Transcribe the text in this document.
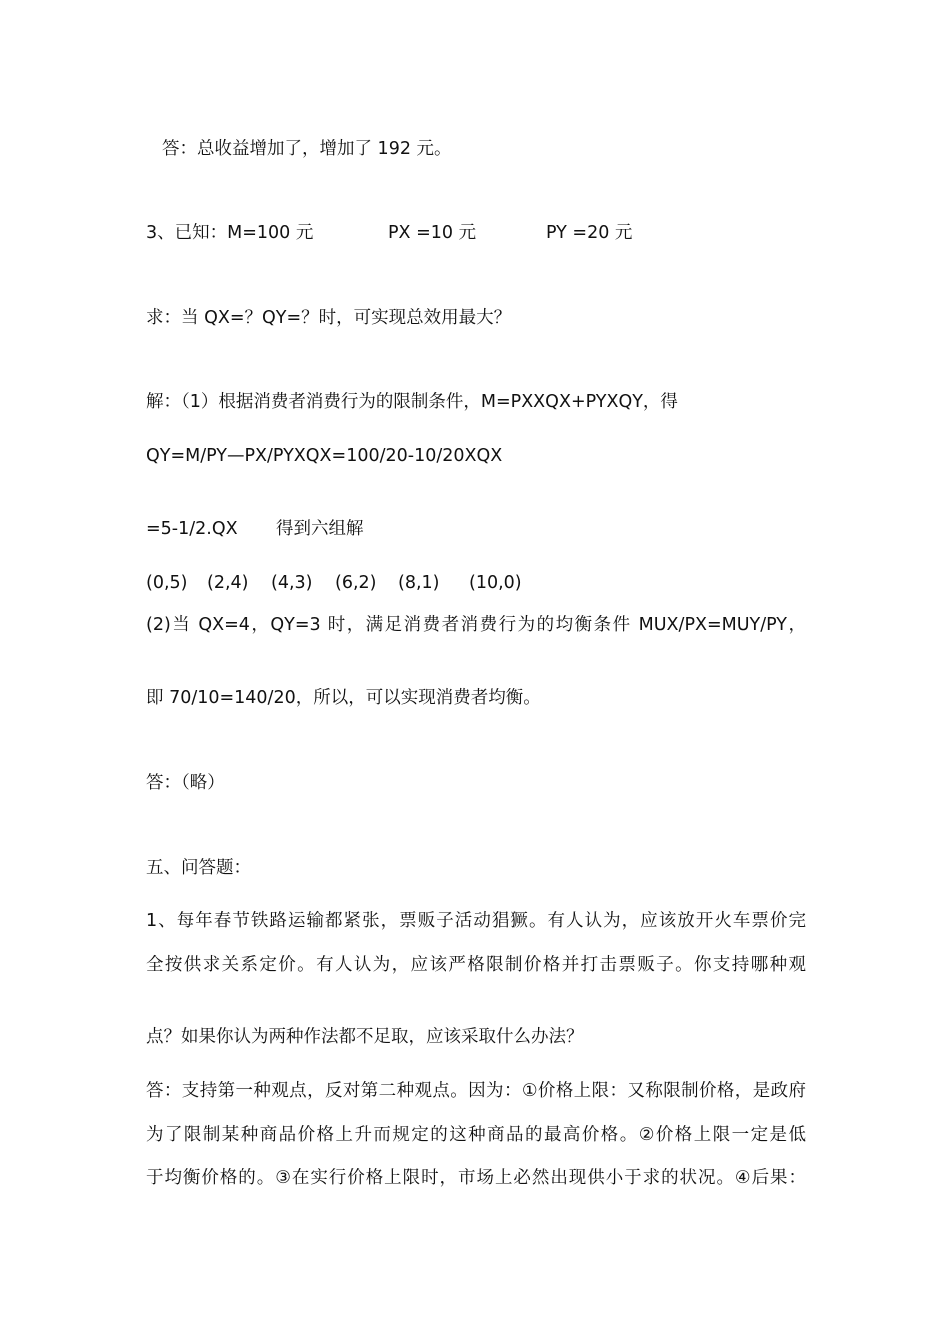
答：总收益增加了，增加了 192 元。
3、已知：M=100 元	PX =10 元	PY =20 元
求：当 QX=？QY=？时，可实现总效用最大？
解：（1）根据消费者消费行为的限制条件，M=PXXQX+PYXQY，得
QY=M/PY—PX/PYXQX=100/20-10/20XQX
=5-1/2.QX 得到六组解
(0,5) (2,4) (4,3) (6,2) (8,1) (10,0)
(2)当 QX=4，QY=3 时，满足消费者消费行为的均衡条件 MUX/PX=MUY/PY，
即 70/10=140/20，所以，可以实现消费者均衡。
答：（略）
五、问答题：
1、每年春节铁路运输都紧张，票贩子活动猖獗。有人认为，应该放开火车票价完
全按供求关系定价。有人认为，应该严格限制价格并打击票贩子。你支持哪种观
点？如果你认为两种作法都不足取，应该采取什么办法？
答：支持第一种观点，反对第二种观点。因为：①价格上限：又称限制价格，是政府
为了限制某种商品价格上升而规定的这种商品的最高价格。②价格上限一定是低
于均衡价格的。③在实行价格上限时，市场上必然出现供小于求的状况。④后果：
